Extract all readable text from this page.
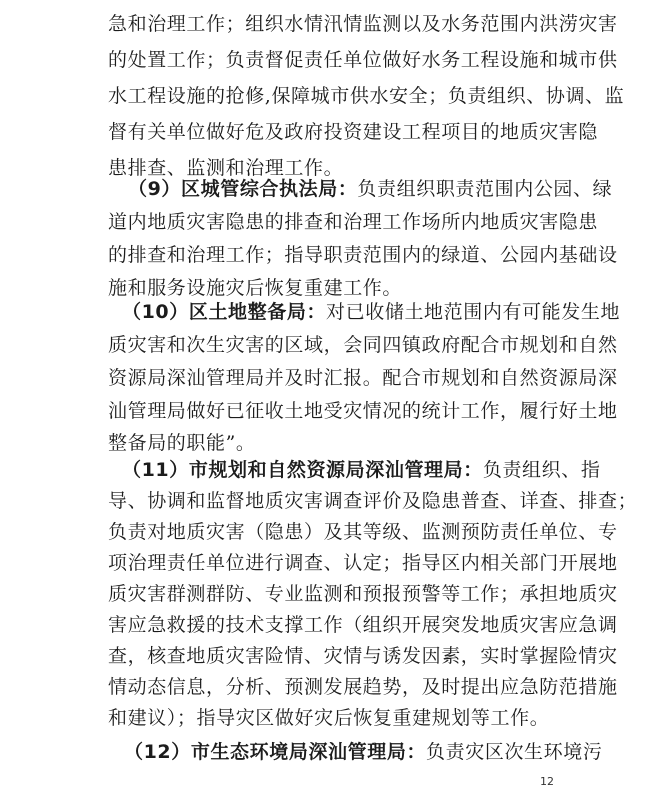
急和治理工作；组织水情汛情监测以及水务范围内洪涝灾害
的处置工作；负责督促责任单位做好水务工程设施和城市供
水工程设施的抢修,保障城市供水安全；负责组织、协调、监
督有关单位做好危及政府投资建设工程项目的地质灾害隐
患排查、监测和治理工作。
（9）区城管综合执法局：负责组织职责范围内公园、绿
道内地质灾害隐患的排查和治理工作场所内地质灾害隐患
的排查和治理工作；指导职责范围内的绿道、公园内基础设
施和服务设施灾后恢复重建工作。
（10）区土地整备局：对已收储土地范围内有可能发生地
质灾害和次生灾害的区域，会同四镇政府配合市规划和自然
资源局深汕管理局并及时汇报。配合市规划和自然资源局深
汕管理局做好已征收土地受灾情况的统计工作，履行好土地
整备局的职能”。
（11）市规划和自然资源局深汕管理局：负责组织、指
导、协调和监督地质灾害调查评价及隐患普查、详查、排查；
负责对地质灾害（隐患）及其等级、监测预防责任单位、专
项治理责任单位进行调查、认定；指导区内相关部门开展地
质灾害群测群防、专业监测和预报预警等工作；承担地质灾
害应急救援的技术支撑工作（组织开展突发地质灾害应急调
查，核查地质灾害险情、灾情与诱发因素，实时掌握险情灾
情动态信息，分析、预测发展趋势，及时提出应急防范措施
和建议）；指导灾区做好灾后恢复重建规划等工作。
（12）市生态环境局深汕管理局：负责灾区次生环境污
12
